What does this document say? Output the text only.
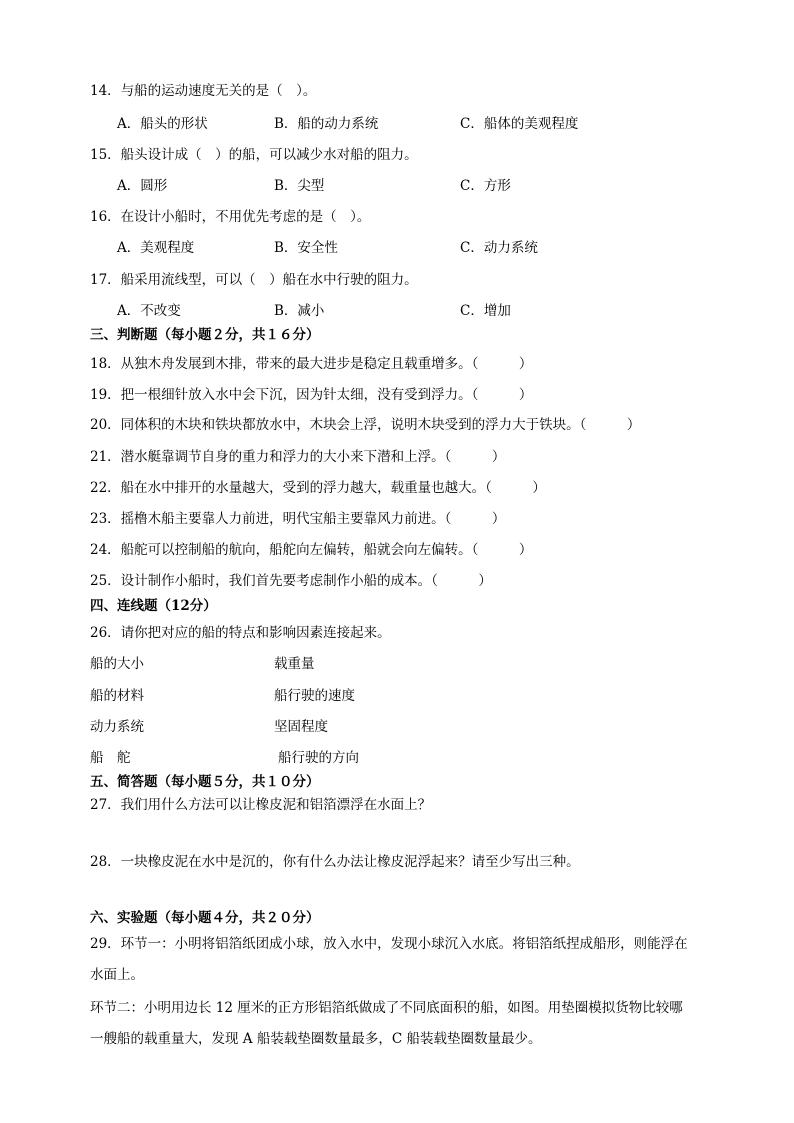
14．与船的运动速度无关的是（　）。
A．船头的形状	B．船的动力系统	C．船体的美观程度
15．船头设计成（　）的船，可以减少水对船的阻力。
A．圆形	B．尖型	C．方形
16．在设计小船时，不用优先考虑的是（　）。
A．美观程度	B．安全性	C．动力系统
17．船采用流线型，可以（　）船在水中行驶的阻力。
A．不改变	B．减小	C．增加
三、判断题（每小题２分，共１６分）
18．从独木舟发展到木排，带来的最大进步是稳定且载重增多。（　　　）
19．把一根细针放入水中会下沉，因为针太细，没有受到浮力。（　　　）
20．同体积的木块和铁块都放水中，木块会上浮，说明木块受到的浮力大于铁块。（　　　）
21．潜水艇靠调节自身的重力和浮力的大小来下潜和上浮。（　　　）
22．船在水中排开的水量越大，受到的浮力越大，载重量也越大。（　　　）
23．摇橹木船主要靠人力前进，明代宝船主要靠风力前进。（　　　）
24．船舵可以控制船的航向，船舵向左偏转，船就会向左偏转。（　　　）
25．设计制作小船时，我们首先要考虑制作小船的成本。（　　　）
四、连线题（12分）
26．请你把对应的船的特点和影响因素连接起来。
船的大小	载重量
船的材料	船行驶的速度
动力系统	坚固程度
船　舵	船行驶的方向
五、简答题（每小题５分，共１０分）
27．我们用什么方法可以让橡皮泥和铝箔漂浮在水面上？
28．一块橡皮泥在水中是沉的，你有什么办法让橡皮泥浮起来？请至少写出三种。
六、实验题（每小题４分，共２０分）
29．环节一：小明将铝箔纸团成小球，放入水中，发现小球沉入水底。将铝箔纸捏成船形，则能浮在
水面上。
环节二：小明用边长 12 厘米的正方形铝箔纸做成了不同底面积的船，如图。用垫圈模拟货物比较哪
一艘船的载重量大，发现 A 船装载垫圈数量最多，C 船装载垫圈数量最少。
